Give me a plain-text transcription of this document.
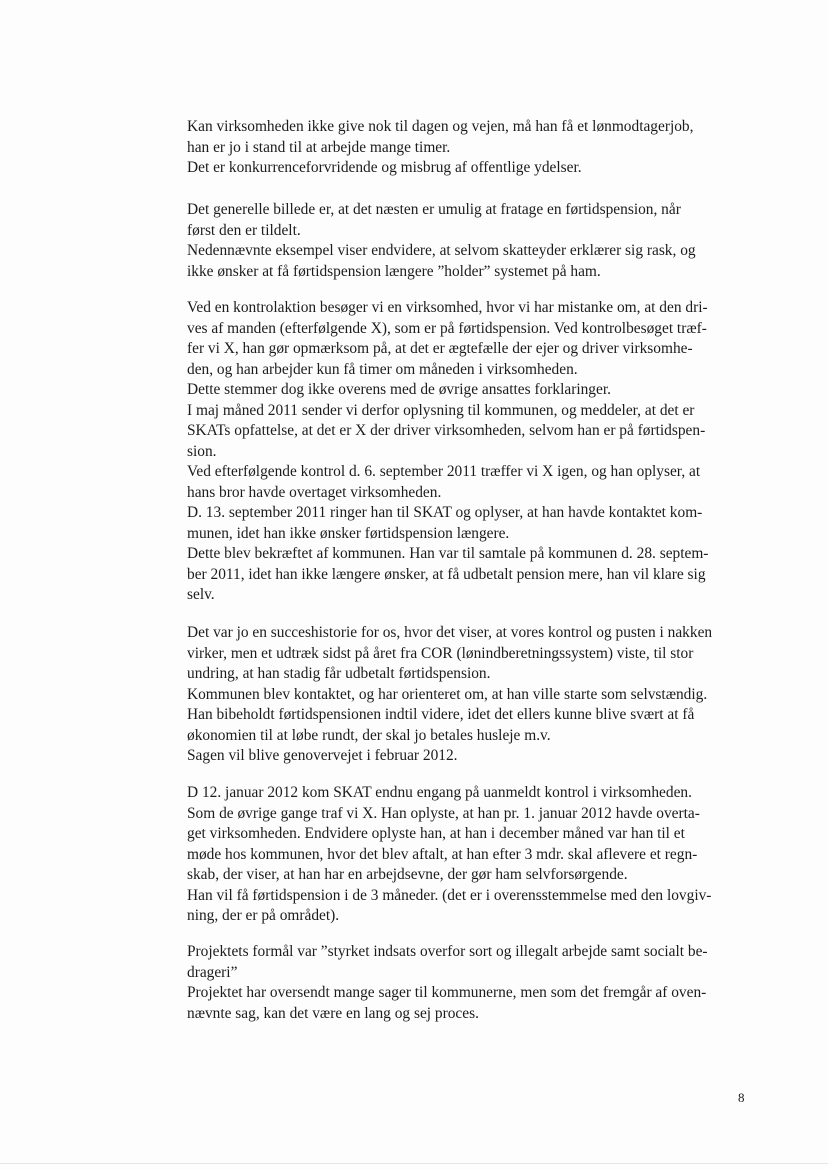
Kan virksomheden ikke give nok til dagen og vejen, må han få et lønmodtagerjob,
han er jo i stand til at arbejde mange timer.
Det er konkurrenceforvridende og misbrug af offentlige ydelser.
Det generelle billede er, at det næsten er umulig at fratage en førtidspension, når
først den er tildelt.
Nedennævnte eksempel viser endvidere, at selvom skatteyder erklærer sig rask, og
ikke ønsker at få førtidspension længere ”holder” systemet på ham.
Ved en kontrolaktion besøger vi en virksomhed, hvor vi har mistanke om, at den dri-
ves af manden (efterfølgende X), som er på førtidspension. Ved kontrolbesøget træf-
fer vi X, han gør opmærksom på, at det er ægtefælle der ejer og driver virksomhe-
den, og han arbejder kun få timer om måneden i virksomheden.
Dette stemmer dog ikke overens med de øvrige ansattes forklaringer.
I maj måned 2011 sender vi derfor oplysning til kommunen, og meddeler, at det er
SKATs opfattelse, at det er X der driver virksomheden, selvom han er på førtidspen-
sion.
Ved efterfølgende kontrol d. 6. september 2011 træffer vi X igen, og han oplyser, at
hans bror havde overtaget virksomheden.
D. 13. september 2011 ringer han til SKAT og oplyser, at han havde kontaktet kom-
munen, idet han ikke ønsker førtidspension længere.
Dette blev bekræftet af kommunen. Han var til samtale på kommunen d. 28. septem-
ber 2011, idet han ikke længere ønsker, at få udbetalt pension mere, han vil klare sig
selv.
Det var jo en succeshistorie for os, hvor det viser, at vores kontrol og pusten i nakken
virker, men et udtræk sidst på året fra COR (lønindberetningssystem) viste, til stor
undring, at han stadig får udbetalt førtidspension.
Kommunen blev kontaktet, og har orienteret om, at han ville starte som selvstændig.
Han bibeholdt førtidspensionen indtil videre, idet det ellers kunne blive svært at få
økonomien til at løbe rundt, der skal jo betales husleje m.v.
Sagen vil blive genovervejet i februar 2012.
D 12. januar 2012 kom SKAT endnu engang på uanmeldt kontrol i virksomheden.
Som de øvrige gange traf vi X. Han oplyste, at han pr. 1. januar 2012 havde overta-
get virksomheden. Endvidere oplyste han, at han i december måned var han til et
møde hos kommunen, hvor det blev aftalt, at han efter 3 mdr. skal aflevere et regn-
skab, der viser, at han har en arbejdsevne, der gør ham selvforsørgende.
Han vil få førtidspension i de 3 måneder. (det er i overensstemmelse med den lovgiv-
ning, der er på området).
Projektets formål var ”styrket indsats overfor sort og illegalt arbejde samt socialt be-
drageri”
Projektet har oversendt mange sager til kommunerne, men som det fremgår af oven-
nævnte sag, kan det være en lang og sej proces.
8
